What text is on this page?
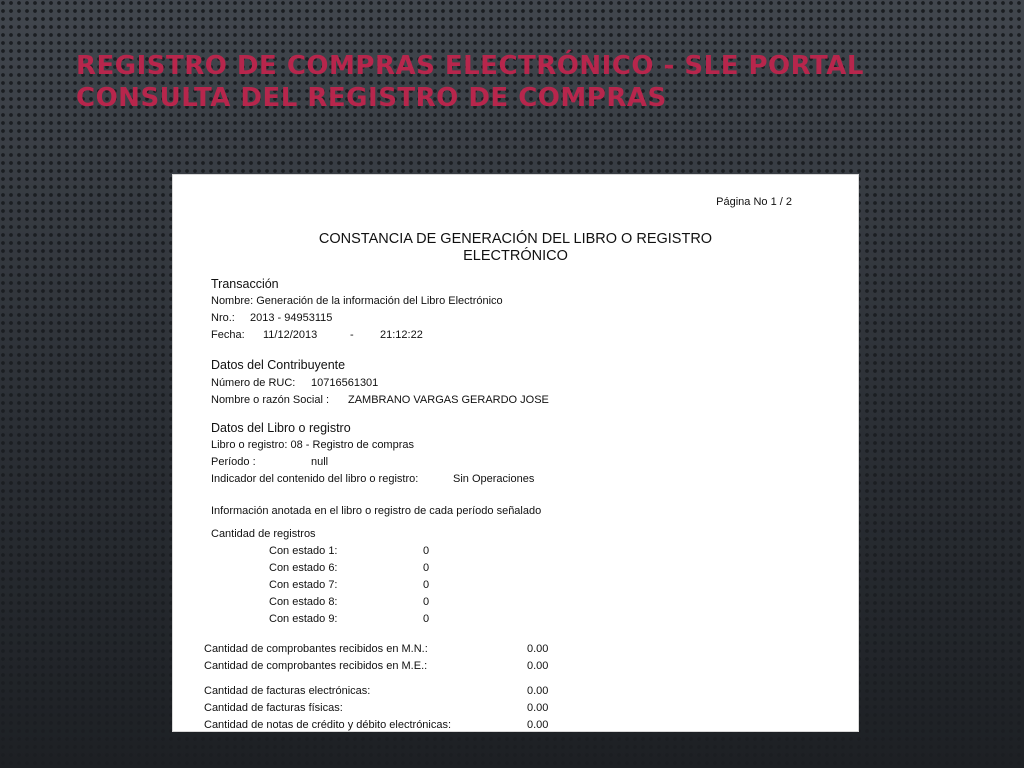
REGISTRO DE COMPRAS ELECTRÓNICO - SLE PORTAL
CONSULTA DEL REGISTRO DE COMPRAS
Página No 1 / 2
CONSTANCIA DE GENERACIÓN DEL LIBRO O REGISTRO
ELECTRÓNICO
Transacción
Nombre: Generación de la información del Libro Electrónico
Nro.: 2013 - 94953115
Fecha: 11/12/2013	- 21:12:22
Datos del Contribuyente
Número de RUC: 10716561301
Nombre o razón Social : ZAMBRANO VARGAS GERARDO JOSE
Datos del Libro o registro
Libro o registro: 08 - Registro de compras
Período :	null
Indicador del contenido del libro o registro:	Sin Operaciones
Información anotada en el libro o registro de cada período señalado
Cantidad de registros
Con estado 1:	0
Con estado 6:	0
Con estado 7:	0
Con estado 8:	0
Con estado 9:	0
Cantidad de comprobantes recibidos en M.N.:	0.00
Cantidad de comprobantes recibidos en M.E.:	0.00
Cantidad de facturas electrónicas:	0.00
Cantidad de facturas físicas:	0.00
Cantidad de notas de crédito y débito electrónicas:	0.00
